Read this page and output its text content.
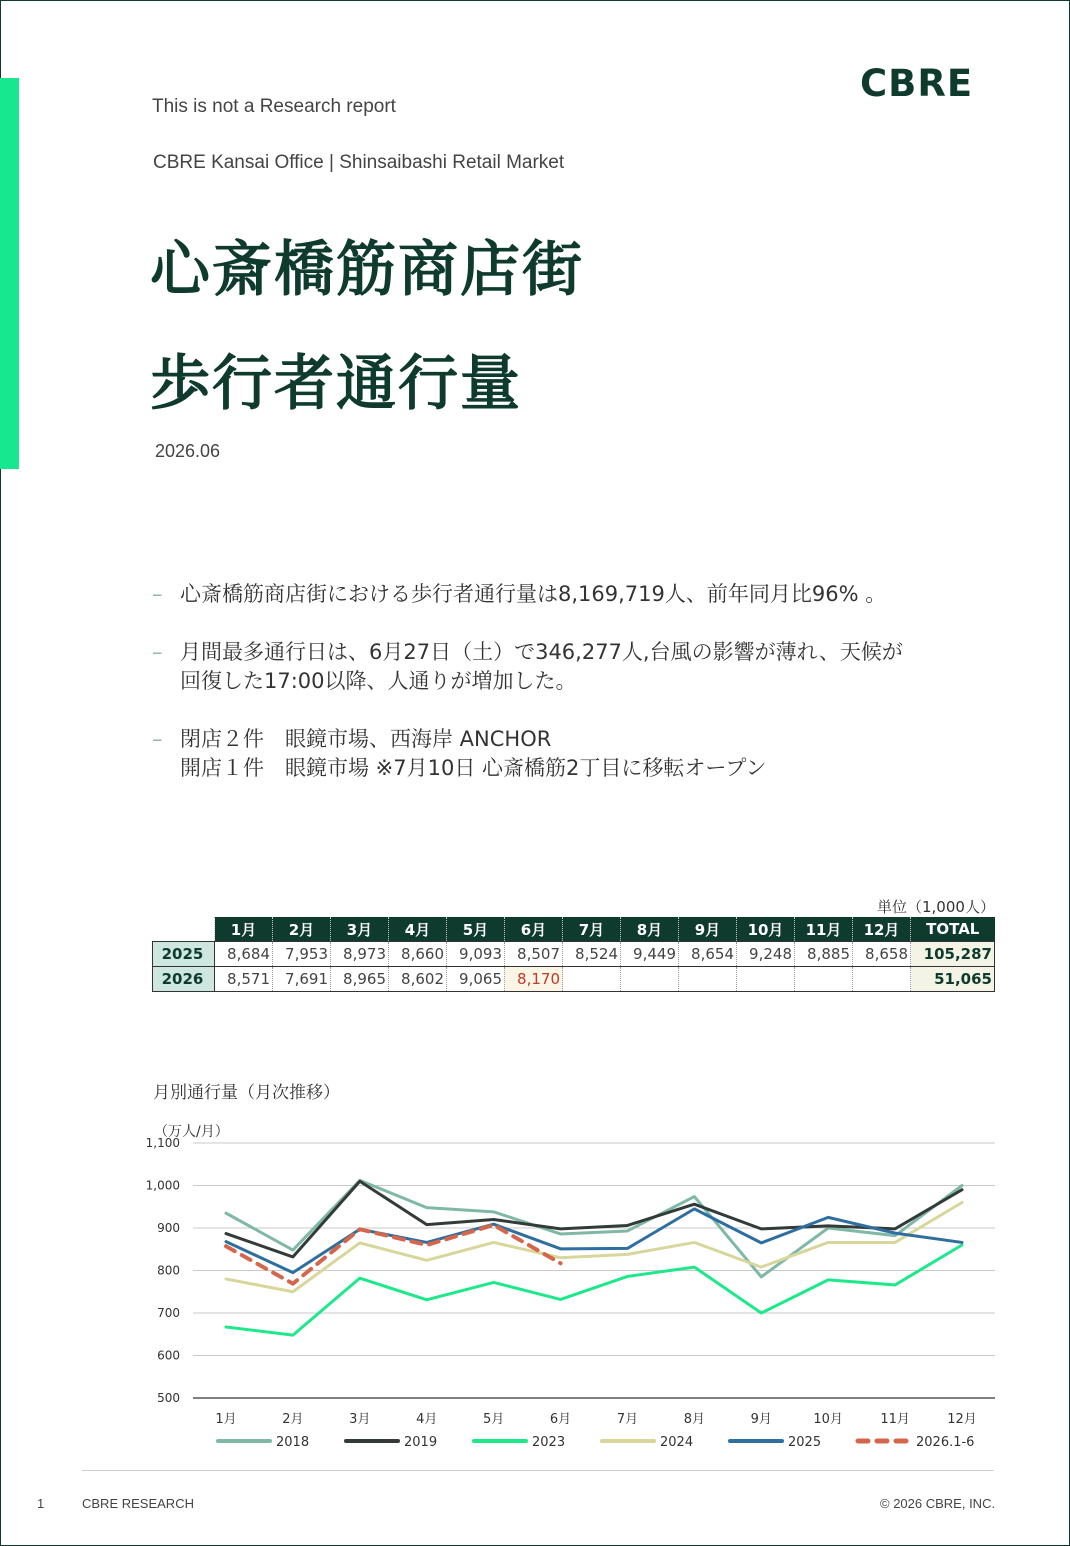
CBRE
This is not a Research report
CBRE Kansai Office | Shinsaibashi Retail Market
心斎橋筋商店街
歩行者通行量
2026.06
– 心斎橋筋商店街における歩行者通行量は8,169,719人、前年同月比96% 。
– 月間最多通行日は、6月27日（土）で346,277人,台風の影響が薄れ、天候が
回復した17:00以降、人通りが増加した。
– 閉店２件　眼鏡市場、西海岸 ANCHOR
開店１件　眼鏡市場 ※7月10日 心斎橋筋2丁目に移転オープン
単位（1,000人）
	1月	2月	3月	4月	5月	6月	7月	8月	9月	10月	11月	12月	TOTAL
2025	8,684	7,953	8,973	8,660	9,093	8,507	8,524	9,449	8,654	9,248	8,885	8,658	105,287
2026	8,571	7,691	8,965	8,602	9,065	8,170							51,065
月別通行量（月次推移）
（万人/月）
1,100
1,000
900
800
700
600
500
1月	2月	3月	4月	5月	6月	7月	8月	9月	10月	11月	12月
2018	2019	2023	2024	2025	2026.1-6
1	CBRE RESEARCH	© 2026 CBRE, INC.
